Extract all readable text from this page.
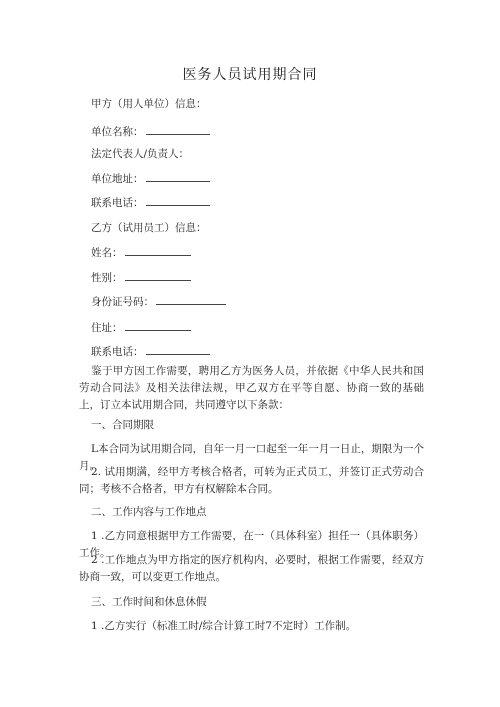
医务人员试用期合同
甲方（用人单位）信息：
单位名称：
法定代表人/负责人：
单位地址：
联系电话：
乙方（试用员工）信息：
姓名：
性别：
身份证号码：
住址：
联系电话：
鉴于甲方因工作需要，聘用乙方为医务人员，并依据《中华人民共和国劳动合同法》及相关法律法规，甲乙双方在平等自愿、协商一致的基础上，订立本试用期合同，共同遵守以下条款：
一、合同期限
L本合同为试用期合同，自年一月一口起至一年一月一日止，期限为一个月。
2. 试用期满，经甲方考核合格者，可转为正式员工，并签订正式劳动合同；考核不合格者，甲方有权解除本合同。
二、工作内容与工作地点
1 .乙方同意根据甲方工作需要，在一（具体科室）担任一（具体职务）工作。
2 .工作地点为甲方指定的医疗机构内，必要时，根据工作需要，经双方协商一致，可以变更工作地点。
三、工作时间和休息休假
1 .乙方实行（标准工时/综合计算工时7不定时）工作制。
